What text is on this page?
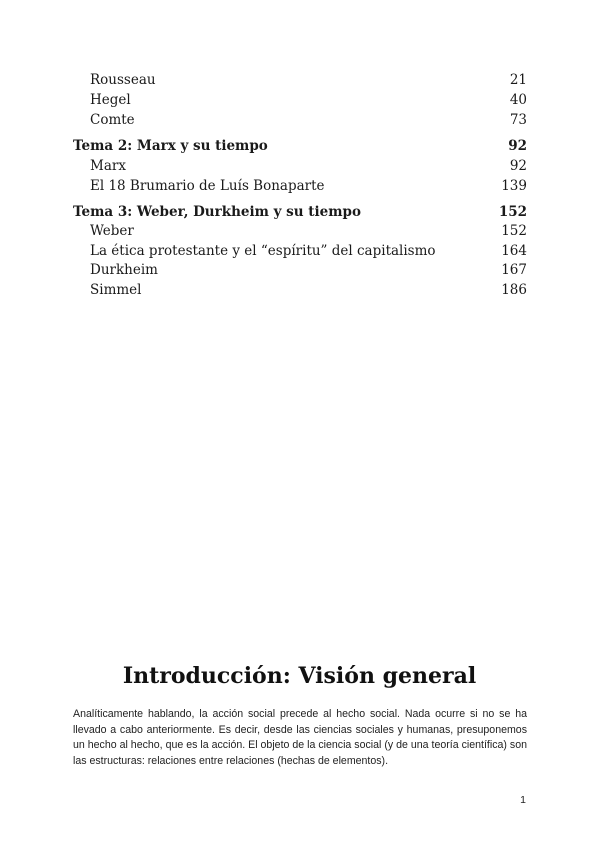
Rousseau	21
Hegel	40
Comte	73
Tema 2: Marx y su tiempo	92
Marx	92
El 18 Brumario de Luís Bonaparte	139
Tema 3: Weber, Durkheim y su tiempo	152
Weber	152
La ética protestante y el “espíritu” del capitalismo	164
Durkheim	167
Simmel	186
Introducción: Visión general

Analíticamente hablando, la acción social precede al hecho social. Nada ocurre si no se ha llevado a cabo anteriormente. Es decir, desde las ciencias sociales y humanas, presuponemos un hecho al hecho, que es la acción. El objeto de la ciencia social (y de una teoría científica) son las estructuras: relaciones entre relaciones (hechas de elementos).

1
